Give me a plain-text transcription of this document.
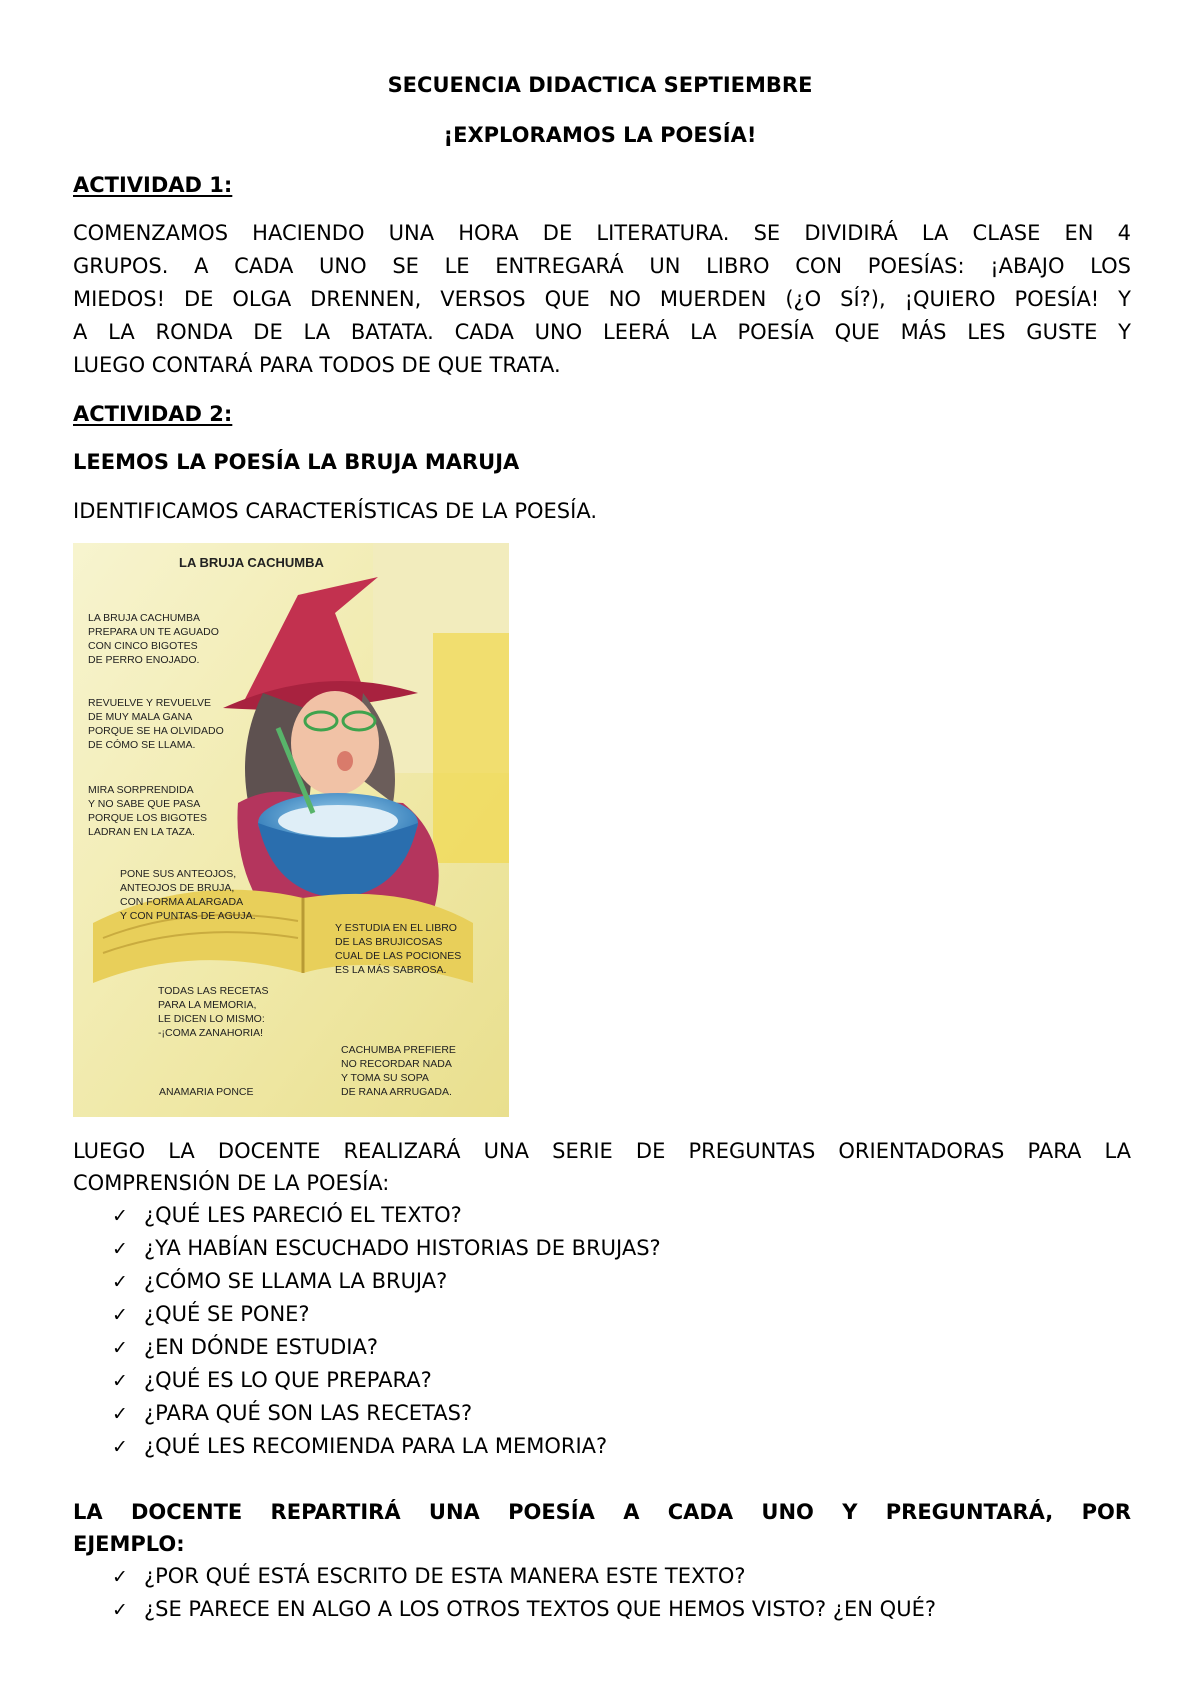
SECUENCIA DIDACTICA SEPTIEMBRE
¡EXPLORAMOS LA POESÍA!
ACTIVIDAD 1:
COMENZAMOS HACIENDO UNA HORA DE LITERATURA. SE DIVIDIRÁ LA CLASE EN 4
GRUPOS. A CADA UNO SE LE ENTREGARÁ UN LIBRO CON POESÍAS: ¡ABAJO LOS
MIEDOS! DE OLGA DRENNEN, VERSOS QUE NO MUERDEN (¿O SÍ?), ¡QUIERO POESÍA! Y
A LA RONDA DE LA BATATA. CADA UNO LEERÁ LA POESÍA QUE MÁS LES GUSTE Y
LUEGO CONTARÁ PARA TODOS DE QUE TRATA.
ACTIVIDAD 2:
LEEMOS LA POESÍA LA BRUJA MARUJA
IDENTIFICAMOS CARACTERÍSTICAS DE LA POESÍA.
LA BRUJA CACHUMBA
LA BRUJA CACHUMBA
PREPARA UN TE AGUADO
CON CINCO BIGOTES
DE PERRO ENOJADO.
REVUELVE Y REVUELVE
DE MUY MALA GANA
PORQUE SE HA OLVIDADO
DE CÓMO SE LLAMA.
MIRA SORPRENDIDA
Y NO SABE QUE PASA
PORQUE LOS BIGOTES
LADRAN EN LA TAZA.
PONE SUS ANTEOJOS,
ANTEOJOS DE BRUJA,
CON FORMA ALARGADA
Y CON PUNTAS DE AGUJA.
Y ESTUDIA EN EL LIBRO
DE LAS BRUJICOSAS
CUAL DE LAS POCIONES
ES LA MÁS SABROSA.
TODAS LAS RECETAS
PARA LA MEMORIA,
LE DICEN LO MISMO:
-¡COMA ZANAHORIA!
CACHUMBA PREFIERE
NO RECORDAR NADA
Y TOMA SU SOPA
DE RANA ARRUGADA.
ANAMARIA PONCE
LUEGO LA DOCENTE REALIZARÁ UNA SERIE DE PREGUNTAS ORIENTADORAS PARA LA
COMPRENSIÓN DE LA POESÍA:
✓ ¿QUÉ LES PARECIÓ EL TEXTO?
✓ ¿YA HABÍAN ESCUCHADO HISTORIAS DE BRUJAS?
✓ ¿CÓMO SE LLAMA LA BRUJA?
✓ ¿QUÉ SE PONE?
✓ ¿EN DÓNDE ESTUDIA?
✓ ¿QUÉ ES LO QUE PREPARA?
✓ ¿PARA QUÉ SON LAS RECETAS?
✓ ¿QUÉ LES RECOMIENDA PARA LA MEMORIA?
LA DOCENTE REPARTIRÁ UNA POESÍA A CADA UNO Y PREGUNTARÁ, POR
EJEMPLO:
✓ ¿POR QUÉ ESTÁ ESCRITO DE ESTA MANERA ESTE TEXTO?
✓ ¿SE PARECE EN ALGO A LOS OTROS TEXTOS QUE HEMOS VISTO? ¿EN QUÉ?
